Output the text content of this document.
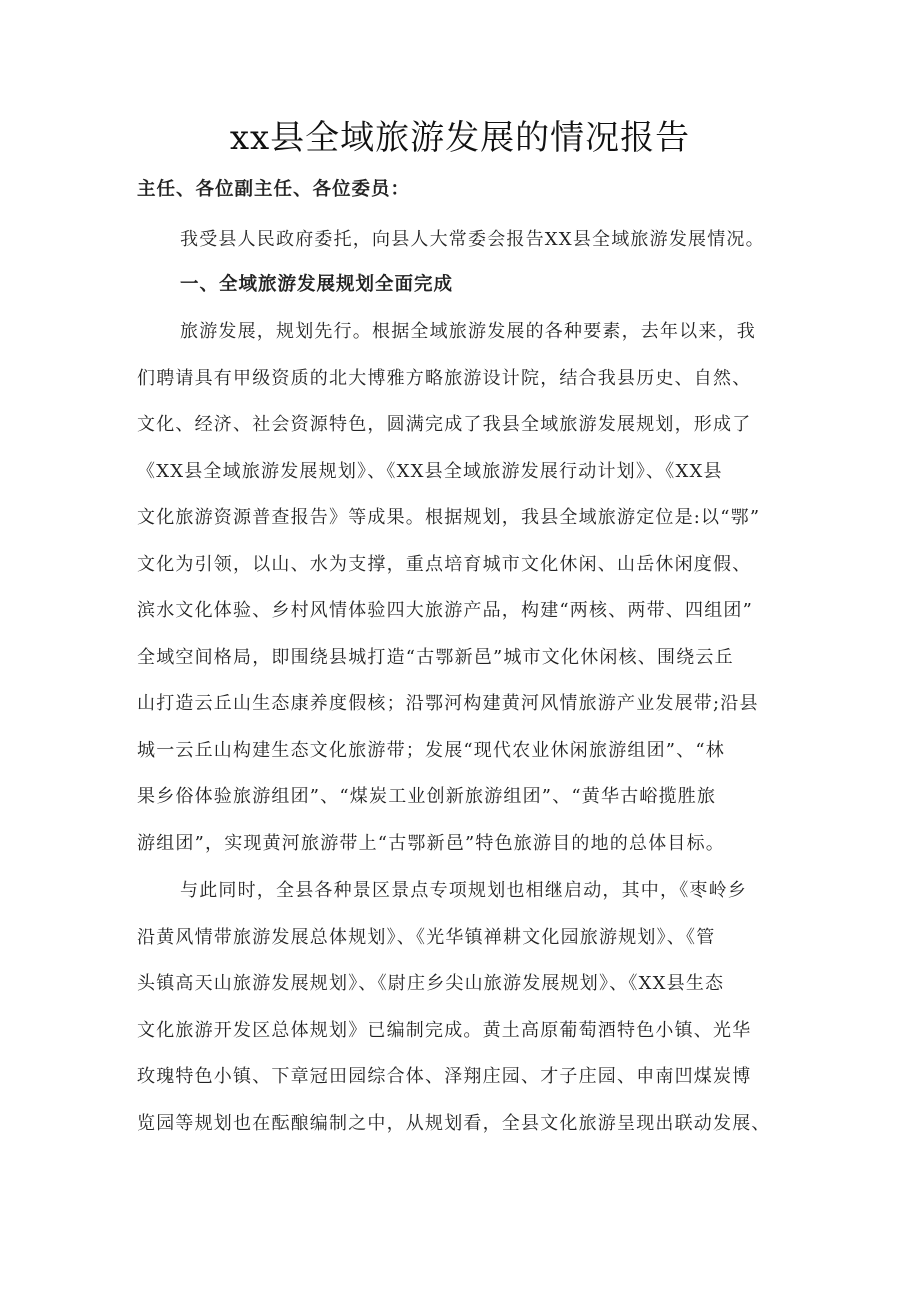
xx县全域旅游发展的情况报告

主任、各位副主任、各位委员：

我受县人民政府委托，向县人大常委会报告XX县全域旅游发展情况。

一、全域旅游发展规划全面完成
旅游发展，规划先行。根据全域旅游发展的各种要素，去年以来，我
们聘请具有甲级资质的北大博雅方略旅游设计院，结合我县历史、自然、
文化、经济、社会资源特色，圆满完成了我县全域旅游发展规划，形成了
《XX县全域旅游发展规划》、《XX县全域旅游发展行动计划》、《XX县
文化旅游资源普查报告》等成果。根据规划，我县全域旅游定位是:以“鄂”
文化为引领，以山、水为支撑，重点培育城市文化休闲、山岳休闲度假、
滨水文化体验、乡村风情体验四大旅游产品，构建“两核、两带、四组团”
全域空间格局，即围绕县城打造“古鄂新邑”城市文化休闲核、围绕云丘
山打造云丘山生态康养度假核；沿鄂河构建黄河风情旅游产业发展带;沿县
城一云丘山构建生态文化旅游带；发展“现代农业休闲旅游组团”、“林
果乡俗体验旅游组团”、“煤炭工业创新旅游组团”、“黄华古峪揽胜旅
游组团”，实现黄河旅游带上“古鄂新邑”特色旅游目的地的总体目标。
与此同时，全县各种景区景点专项规划也相继启动，其中，《枣岭乡
沿黄风情带旅游发展总体规划》、《光华镇禅耕文化园旅游规划》、《管
头镇高天山旅游发展规划》、《尉庄乡尖山旅游发展规划》、《XX县生态
文化旅游开发区总体规划》已编制完成。黄土高原葡萄酒特色小镇、光华
玫瑰特色小镇、下章冠田园综合体、泽翔庄园、才子庄园、申南凹煤炭博
览园等规划也在酝酿编制之中，从规划看，全县文化旅游呈现出联动发展、
